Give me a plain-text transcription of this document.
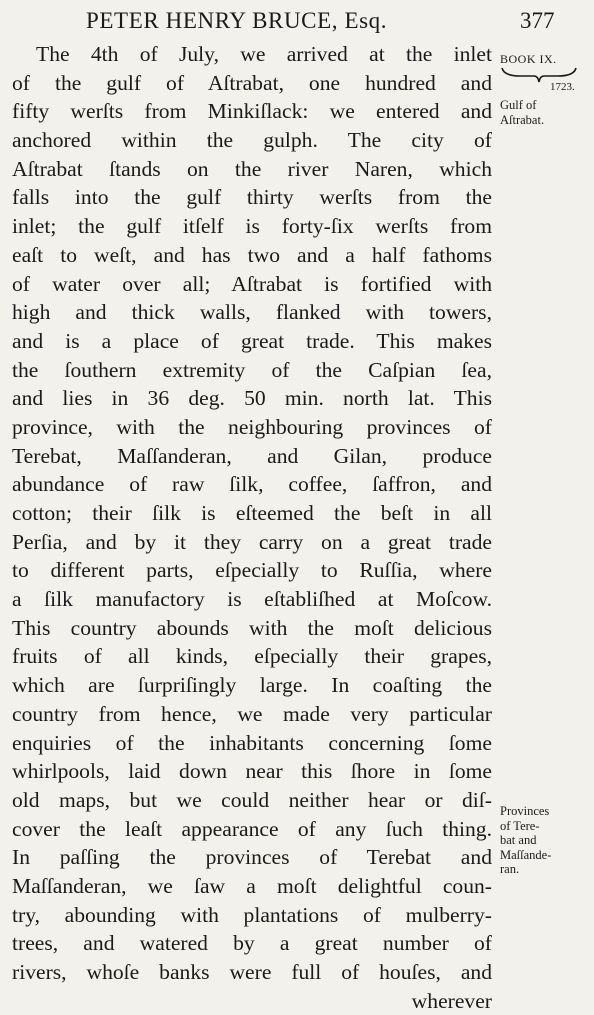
PETER HENRY BRUCE, Esq.	377
BOOK IX.
1723.
Gulf of
Aſtrabat.
Provinces
of Tere-
bat and
Maſſande-
ran.
The 4th of July, we arrived at the inlet
of the gulf of Aſtrabat, one hundred and
fifty werſts from Minkiſlack: we entered and
anchored within the gulph. The city of
Aſtrabat ſtands on the river Naren, which
falls into the gulf thirty werſts from the
inlet; the gulf itſelf is forty-ſix werſts from
eaſt to weſt, and has two and a half fathoms
of water over all; Aſtrabat is fortified with
high and thick walls, flanked with towers,
and is a place of great trade. This makes
the ſouthern extremity of the Caſpian ſea,
and lies in 36 deg. 50 min. north lat. This
province, with the neighbouring provinces of
Terebat, Maſſanderan, and Gilan, produce
abundance of raw ſilk, coffee, ſaffron, and
cotton; their ſilk is eſteemed the beſt in all
Perſia, and by it they carry on a great trade
to different parts, eſpecially to Ruſſia, where
a ſilk manufactory is eſtabliſhed at Moſcow.
This country abounds with the moſt delicious
fruits of all kinds, eſpecially their grapes,
which are ſurpriſingly large. In coaſting the
country from hence, we made very particular
enquiries of the inhabitants concerning ſome
whirlpools, laid down near this ſhore in ſome
old maps, but we could neither hear or diſ-
cover the leaſt appearance of any ſuch thing.
In paſſing the provinces of Terebat and
Maſſanderan, we ſaw a moſt delightful coun-
try, abounding with plantations of mulberry-
trees, and watered by a great number of
rivers, whoſe banks were full of houſes, and
wherever
